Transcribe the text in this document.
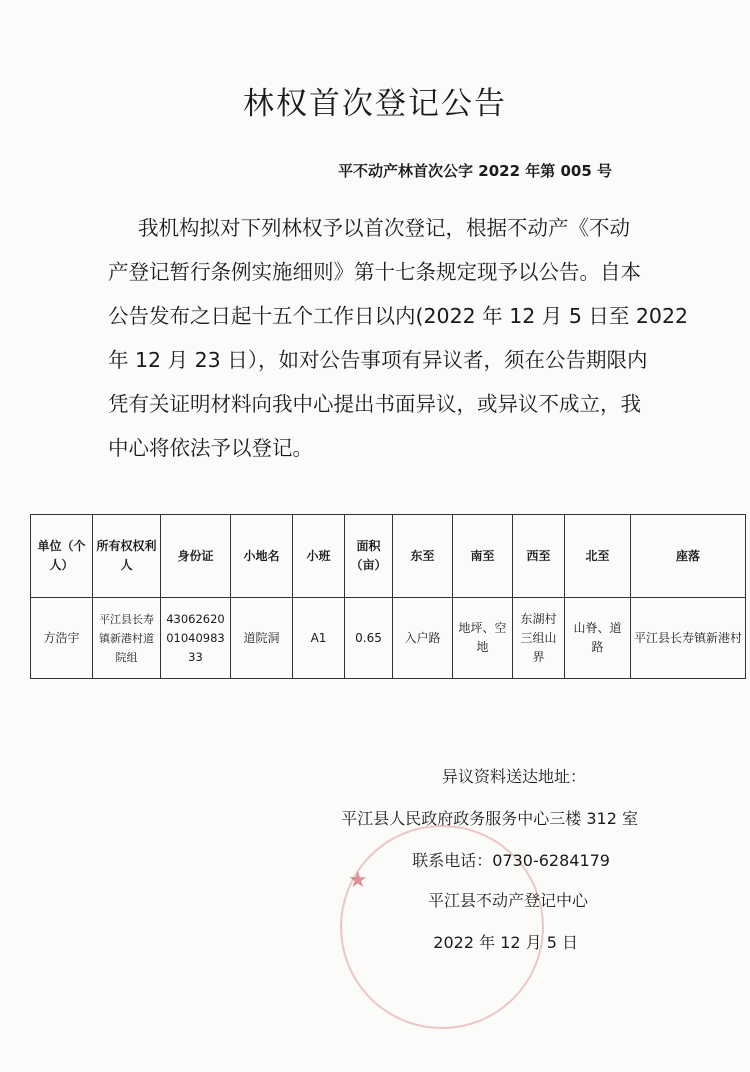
林权首次登记公告
平不动产林首次公字 2022 年第 005 号
我机构拟对下列林权予以首次登记，根据不动产《不动
产登记暂行条例实施细则》第十七条规定现予以公告。自本
公告发布之日起十五个工作日以内(2022 年 12 月 5 日至 2022
年 12 月 23 日），如对公告事项有异议者，须在公告期限内
凭有关证明材料向我中心提出书面异议，或异议不成立，我
中心将依法予以登记。
单位（个人）	所有权权利人	身份证	小地名	小班	面积（亩）	东至	南至	西至	北至	座落
方浩宇	平江县长寿镇新港村道院组	430626200104098333	道院洞	A1	0.65	入户路	地坪、空地	东湖村三组山界	山脊、道路	平江县长寿镇新港村
★
异议资料送达地址：
平江县人民政府政务服务中心三楼 312 室
联系电话：0730-6284179
平江县不动产登记中心
2022 年 12 月 5 日
